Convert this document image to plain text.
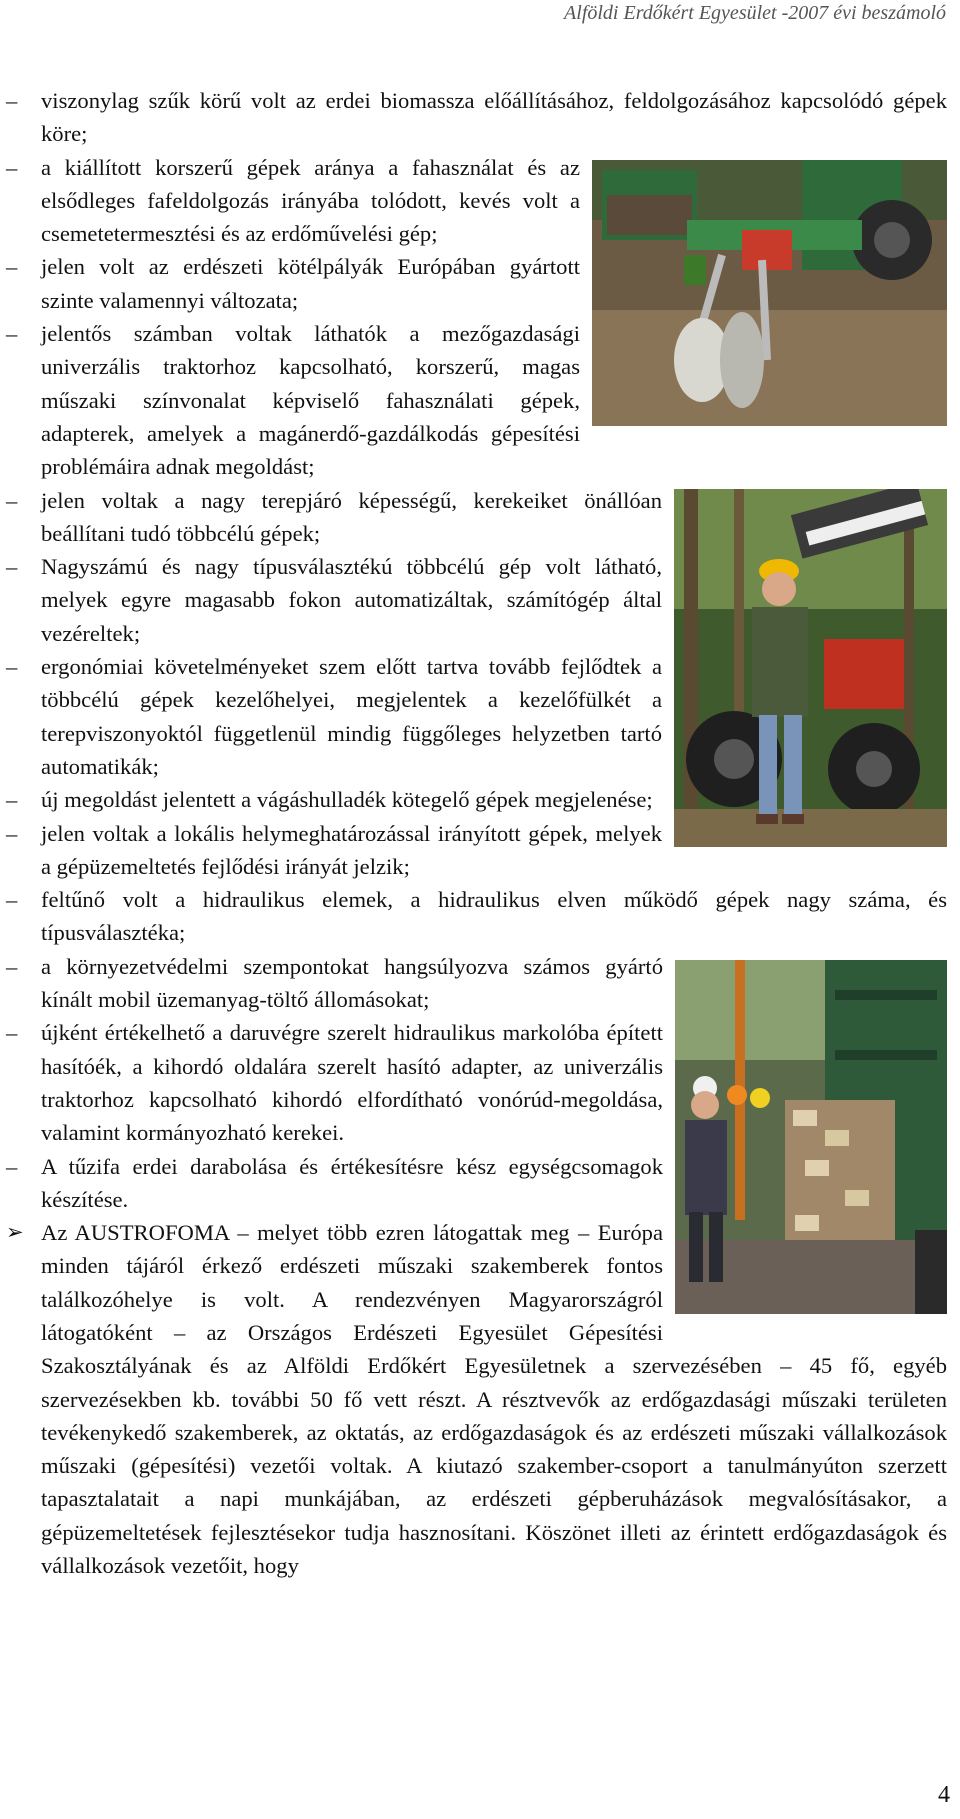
Alföldi Erdőkért Egyesület -2007 évi beszámoló

–	viszonylag szűk körű volt az erdei biomassza előállításához, feldolgozásához kapcsolódó gépek köre;

–	a kiállított korszerű gépek aránya a fahasználat és az elsődleges fafeldolgozás irányába tolódott, kevés volt a csemetetermesztési és az erdőművelési gép;

–	jelen volt az erdészeti kötélpályák Európában gyártott szinte valamennyi változata;

–	jelentős számban voltak láthatók a mezőgazdasági univerzális traktorhoz kapcsolható, korszerű, magas műszaki színvonalat képviselő fahasználati gépek, adapterek, amelyek a magánerdő-gazdálkodás gépesítési problémáira adnak megoldást;

–	jelen voltak a nagy terepjáró képességű, kerekeiket önállóan beállítani tudó többcélú gépek;

–	Nagyszámú és nagy típusválasztékú többcélú gép volt látható, melyek egyre magasabb fokon automatizáltak, számítógép által vezéreltek;

–	ergonómiai követelményeket szem előtt tartva tovább fejlődtek a többcélú gépek kezelőhelyei, megjelentek a kezelőfülkét a terepviszonyoktól függetlenül mindig függőleges helyzetben tartó automatikák;

–	új megoldást jelentett a vágáshulladék kötegelő gépek megjelenése;

–	jelen voltak a lokális helymeghatározással irányított gépek, melyek a gépüzemeltetés fejlődési irányát jelzik;

–	feltűnő volt a hidraulikus elemek, a hidraulikus elven működő gépek nagy száma, és típusválasztéka;

–	a környezetvédelmi szempontokat hangsúlyozva számos gyártó kínált mobil üzemanyag-töltő állomásokat;

–	újként értékelhető a daruvégre szerelt hidraulikus markolóba épített hasítóék, a kihordó oldalára szerelt hasító adapter, az univerzális traktorhoz kapcsolható kihordó elfordítható vonórúd-megoldása, valamint kormányozható kerekei.

–	A tűzifa erdei darabolása és értékesítésre kész egységcsomagok készítése.

➢ Az AUSTROFOMA – melyet több ezren látogattak meg – Európa minden tájáról érkező erdészeti műszaki szakemberek fontos találkozóhelye is volt. A rendezvényen Magyarországról látogatóként – az Országos Erdészeti Egyesület Gépesítési Szakosztályának és az Alföldi Erdőkért Egyesületnek a szervezésében – 45 fő, egyéb szervezésekben kb. további 50 fő vett részt. A résztvevők az erdőgazdasági műszaki területen tevékenykedő szakemberek, az oktatás, az erdőgazdaságok és az erdészeti műszaki vállalkozások műszaki (gépesítési) vezetői voltak. A kiutazó szakember-csoport a tanulmányúton szerzett tapasztalatait a napi munkájában, az erdészeti gépberuházások megvalósításakor, a gépüzemeltetések fejlesztésekor tudja hasznosítani. Köszönet illeti az érintett erdőgazdaságok és vállalkozások vezetőit, hogy

4
